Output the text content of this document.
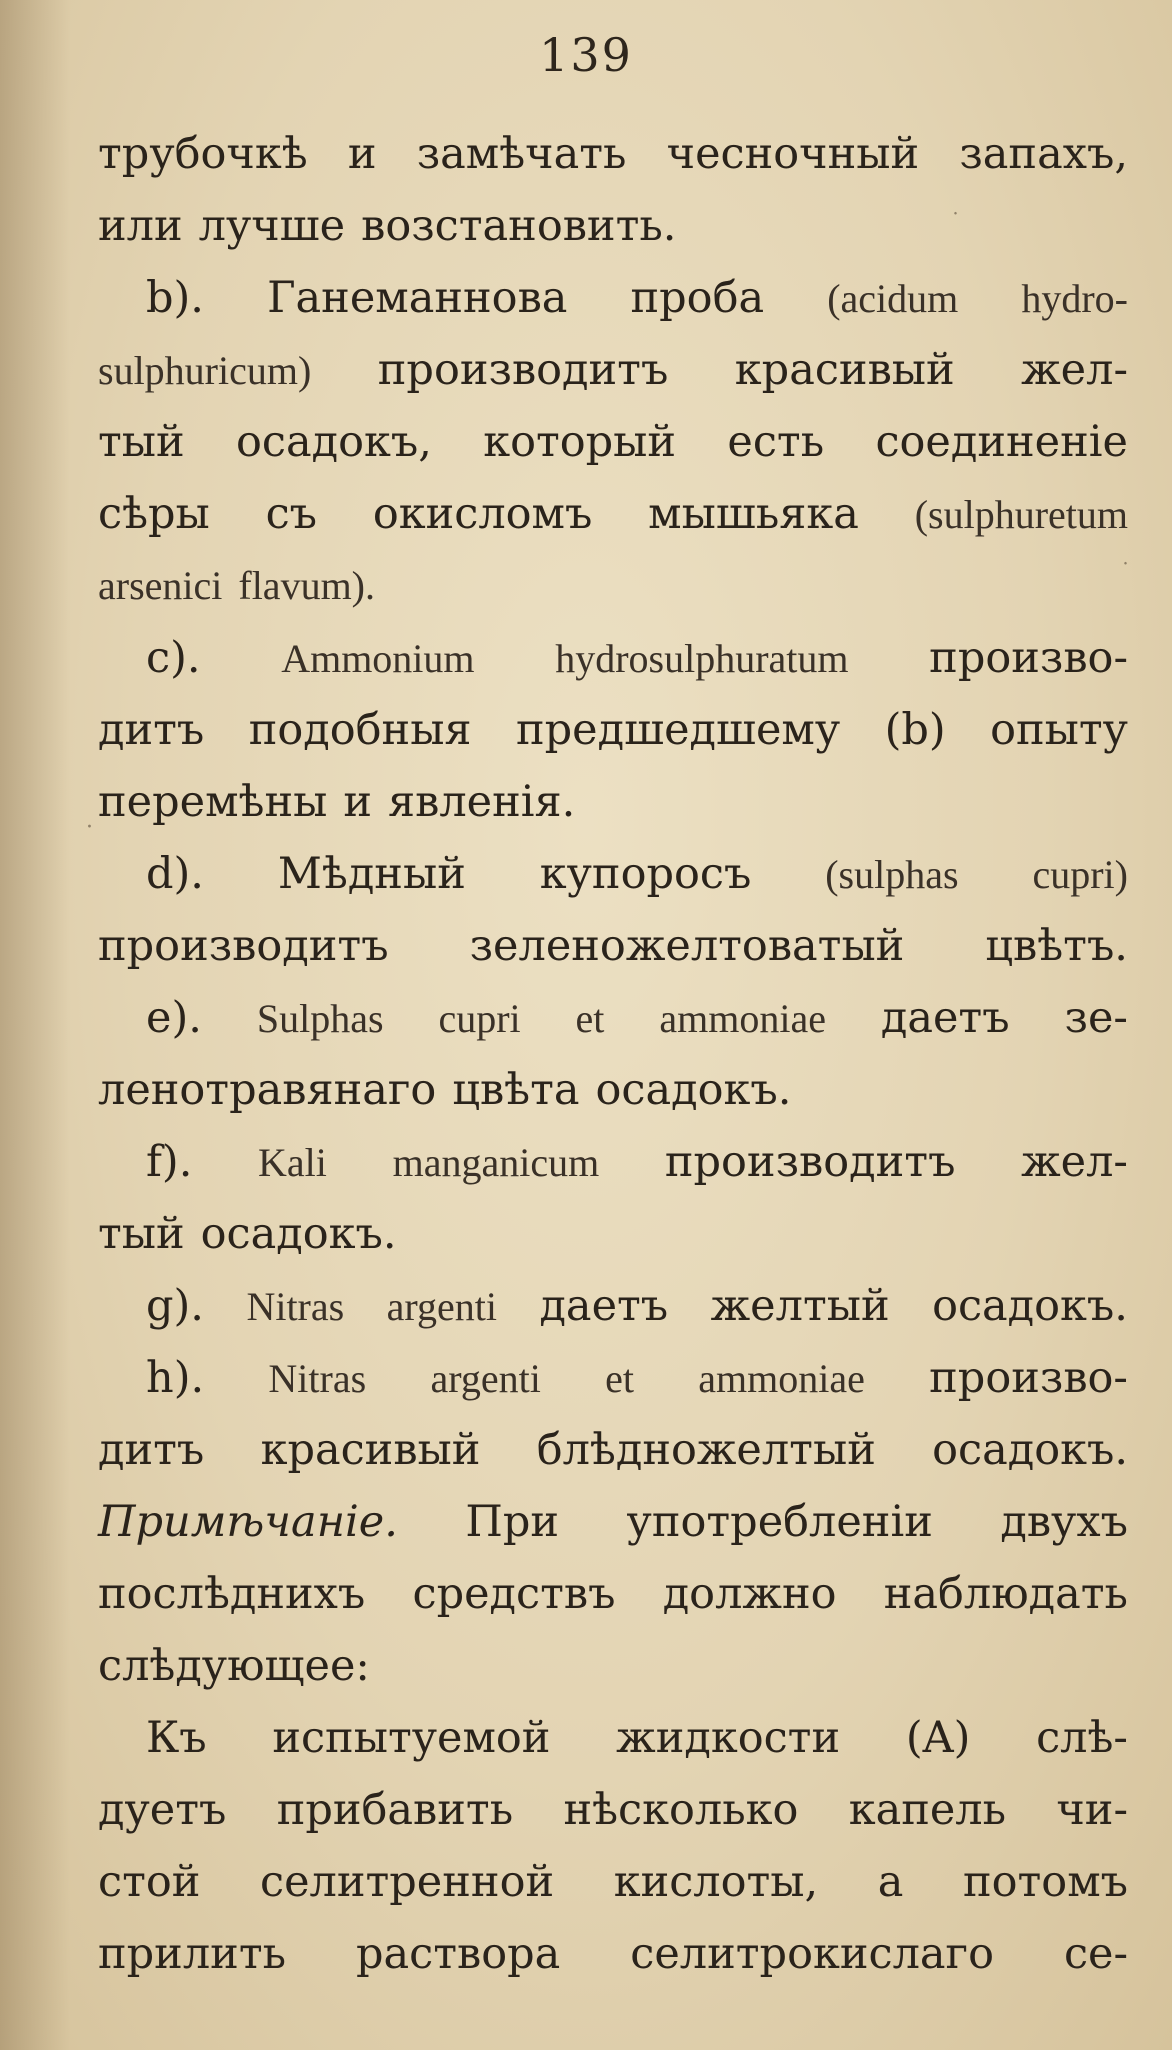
139
трубочкѣ и замѣчать чесночный запахъ,
или лучше возстановить.
b). Ганеманнова проба (acidum hydro-
sulphuricum) производитъ красивый жел-
тый осадокъ, который есть соединенiе
сѣры съ окисломъ мышьяка (sulphuretum
arsenici flavum).
c). Ammonium hydrosulphuratum произво-
дитъ подобныя предшедшему (b) опыту
перемѣны и явленiя.
d). Мѣдный купоросъ (sulphas cupri)
производитъ зеленожелтоватый цвѣтъ.
e). Sulphas cupri et ammoniae даетъ зе-
ленотравянаго цвѣта осадокъ.
f). Kali manganicum производитъ жел-
тый осадокъ.
g). Nitras argenti даетъ желтый осадокъ.
h). Nitras argenti et ammoniae произво-
дитъ красивый блѣдножелтый осадокъ.
Примѣчанiе. При употребленiи двухъ
послѣднихъ средствъ должно наблюдать
слѣдующее:
Къ испытуемой жидкости (A) слѣ-
дуетъ прибавить нѣсколько капель чи-
стой селитренной кислоты, а потомъ
прилить раствора селитрокислаго се-
˙
˙
·
